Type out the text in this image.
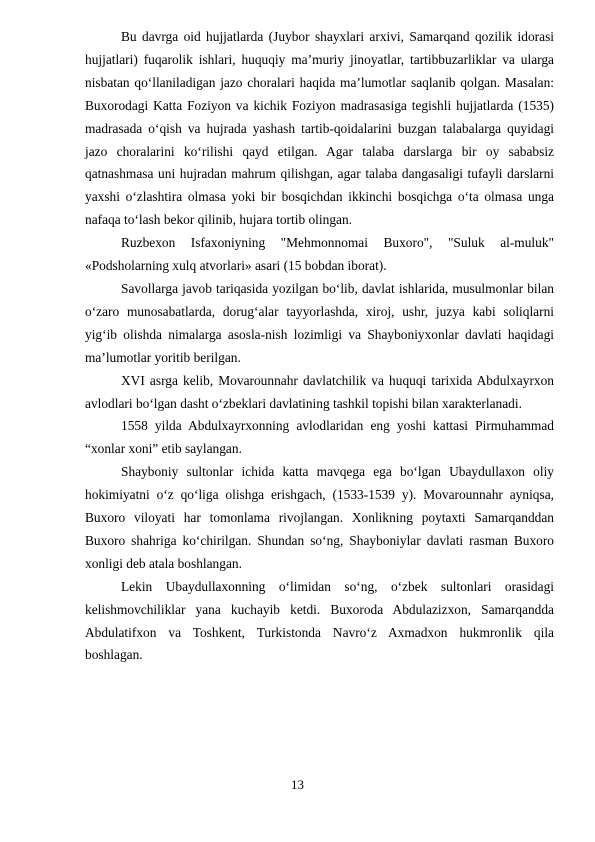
Bu davrga oid hujjatlarda (Juybor shayxlari arxivi, Samarqand qozilik idorasi hujjatlari) fuqarolik ishlari, huquqiy ma’muriy jinoyatlar, tartibbuzarliklar va ularga nisbatan qo‘llaniladigan jazo choralari haqida ma’lumotlar saqlanib qolgan. Masalan: Buxorodagi Katta Foziyon va kichik Foziyon madrasasiga tegishli hujjatlarda (1535) madrasada o‘qish va hujrada yashash tartib-qoidalarini buzgan talabalarga quyidagi jazo choralarini ko‘rilishi qayd etilgan. Agar talaba darslarga bir oy sababsiz qatnashmasa uni hujradan mahrum qilishgan, agar talaba dangasaligi tufayli darslarni yaxshi o‘zlashtira olmasa yoki bir bosqichdan ikkinchi bosqichga o‘ta olmasa unga nafaqa to‘lash bekor qilinib, hujara tortib olingan.

Ruzbexon Isfaxoniyning "Mehmonnomai Buxoro", "Suluk al-muluk" «Podsholarning xulq atvorlari» asari (15 bobdan iborat).

Savollarga javob tariqasida yozilgan bo‘lib, davlat ishlarida, musulmonlar bilan o‘zaro munosabatlarda, dorug‘alar tayyorlashda, xiroj, ushr, juzya kabi soliqlarni yig‘ib olishda nimalarga asosla-nish lozimligi va Shayboniyxonlar davlati haqidagi ma’lumotlar yoritib berilgan.

XVI asrga kelib, Movarounnahr davlatchilik va huquqi tarixida Abdulxayrxon avlodlari bo‘lgan dasht o‘zbeklari davlatining tashkil topishi bilan xarakterlanadi.

1558 yilda Abdulxayrxonning avlodlaridan eng yoshi kattasi Pirmuhammad “xonlar xoni” etib saylangan.

Shayboniy sultonlar ichida katta mavqega ega bo‘lgan Ubaydullaxon oliy hokimiyatni o‘z qo‘liga olishga erishgach, (1533-1539 y). Movarounnahr ayniqsa, Buxoro viloyati har tomonlama rivojlangan. Xonlikning poytaxti Samarqanddan Buxoro shahriga ko‘chirilgan. Shundan so‘ng, Shayboniylar davlati rasman Buxoro xonligi deb atala boshlangan.

Lekin Ubaydullaxonning o‘limidan so‘ng, o‘zbek sultonlari orasidagi kelishmovchiliklar yana kuchayib ketdi. Buxoroda Abdulazizxon, Samarqandda Abdulatifxon va Toshkent, Turkistonda Navro‘z Axmadxon hukmronlik qila boshlagan.

13
